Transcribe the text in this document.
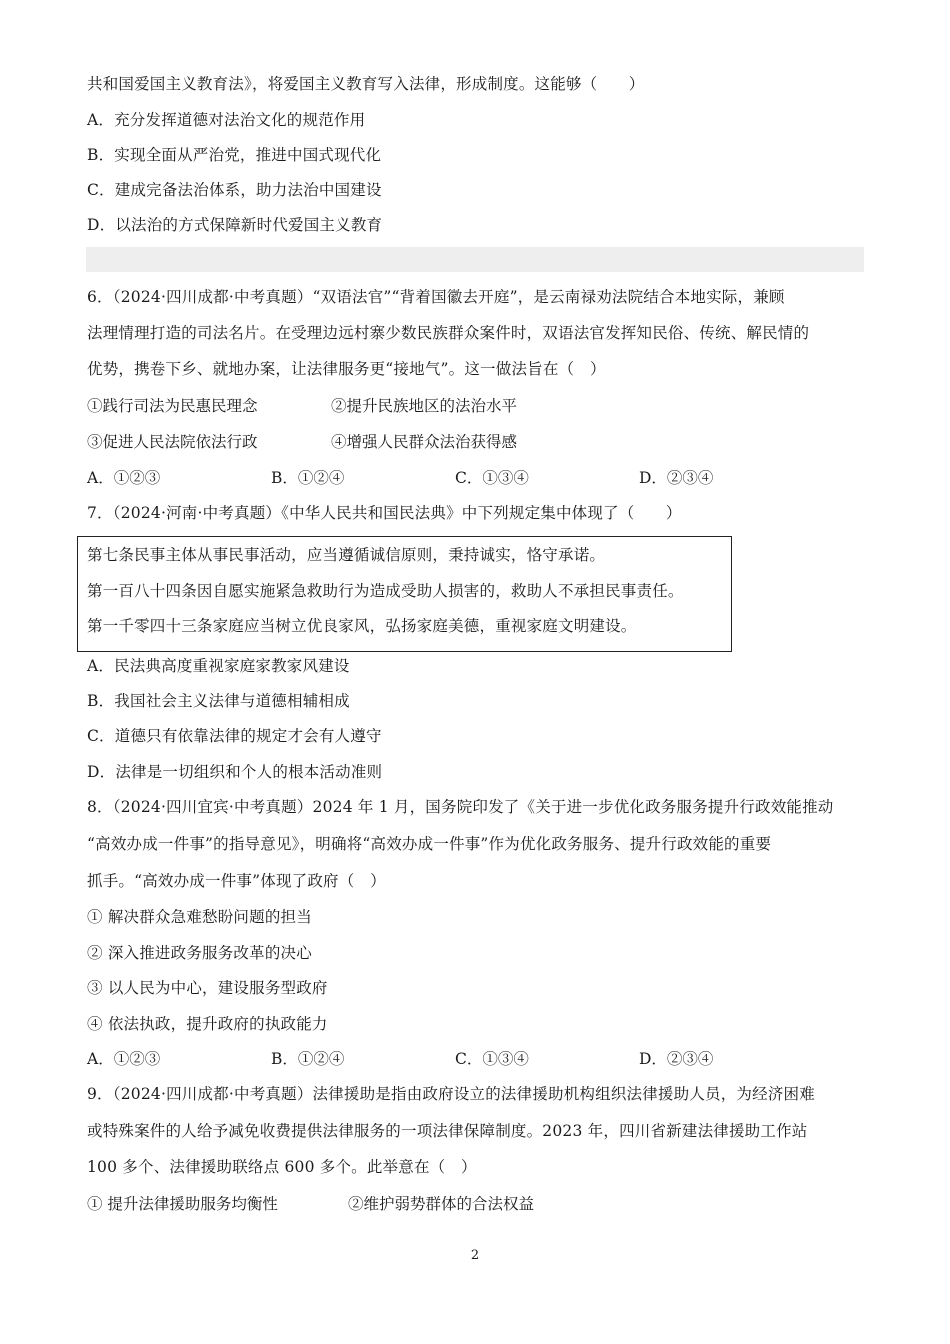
共和国爱国主义教育法》，将爱国主义教育写入法律，形成制度。这能够（　　）
A．充分发挥道德对法治文化的规范作用
B．实现全面从严治党，推进中国式现代化
C．建成完备法治体系，助力法治中国建设
D．以法治的方式保障新时代爱国主义教育
6．（2024·四川成都·中考真题）“双语法官”“背着国徽去开庭”，是云南禄劝法院结合本地实际，兼顾
法理情理打造的司法名片。在受理边远村寨少数民族群众案件时，双语法官发挥知民俗、传统、解民情的
优势，携卷下乡、就地办案，让法律服务更“接地气”。这一做法旨在（　）
①践行司法为民惠民理念	②提升民族地区的法治水平
③促进人民法院依法行政	④增强人民群众法治获得感
A．①②③	B．①②④	C．①③④	D．②③④
7．（2024·河南·中考真题）《中华人民共和国民法典》中下列规定集中体现了（　　）
第七条民事主体从事民事活动，应当遵循诚信原则，秉持诚实，恪守承诺。
第一百八十四条因自愿实施紧急救助行为造成受助人损害的，救助人不承担民事责任。
第一千零四十三条家庭应当树立优良家风，弘扬家庭美德，重视家庭文明建设。
A．民法典高度重视家庭家教家风建设
B．我国社会主义法律与道德相辅相成
C．道德只有依靠法律的规定才会有人遵守
D．法律是一切组织和个人的根本活动准则
8．（2024·四川宜宾·中考真题）2024 年 1 月，国务院印发了《关于进一步优化政务服务提升行政效能推动
“高效办成一件事”的指导意见》，明确将“高效办成一件事”作为优化政务服务、提升行政效能的重要
抓手。“高效办成一件事”体现了政府（　）
① 解决群众急难愁盼问题的担当
② 深入推进政务服务改革的决心
③ 以人民为中心，建设服务型政府
④ 依法执政，提升政府的执政能力
A．①②③	B．①②④	C．①③④	D．②③④
9．（2024·四川成都·中考真题）法律援助是指由政府设立的法律援助机构组织法律援助人员，为经济困难
或特殊案件的人给予减免收费提供法律服务的一项法律保障制度。2023 年，四川省新建法律援助工作站
100 多个、法律援助联络点 600 多个。此举意在（　）
① 提升法律援助服务均衡性	②维护弱势群体的合法权益
2
